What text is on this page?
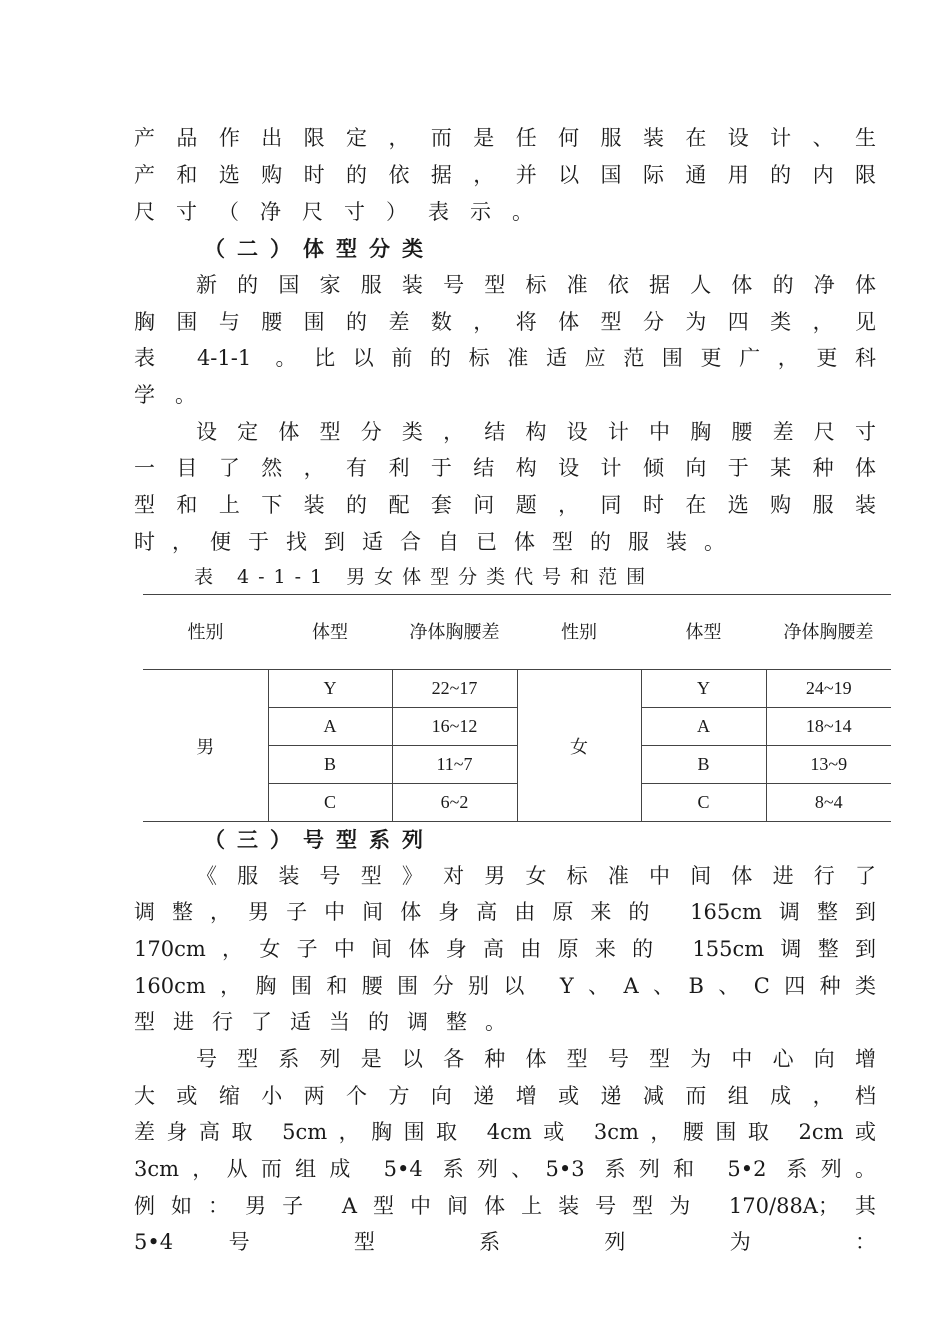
产品作出限定，而是任何服装在设计、生
产和选购时的依据，并以国际通用的内限
尺寸（净尺寸）表示。
（二）体型分类
新的国家服装号型标准依据人体的净体
胸围与腰围的差数，将体型分为四类，见
表 4-1-1 。比以前的标准适应范围更广，更科
学。
设定体型分类，结构设计中胸腰差尺寸
一目了然，有利于结构设计倾向于某种体
型和上下装的配套问题，同时在选购服装
时，便于找到适合自已体型的服装。
表 4-1-1 男女体型分类代号和范围
性别	体型	净体胸腰差	性别	体型	净体胸腰差
男	Y	22~17	女	Y	24~19
	A	16~12		A	18~14
	B	11~7		B	13~9
	C	6~2		C	8~4
（三）号型系列
《服装号型》对男女标准中间体进行了
调整，男子中间体身高由原来的 165cm调整到
170cm，女子中间体身高由原来的 155cm调整到
160cm，胸围和腰围分别以 Y、A、B、C四种类
型进行了适当的调整。
号型系列是以各种体型号型为中心向增
大或缩小两个方向递增或递减而组成，档
差身高取 5cm，胸围取 4cm或 3cm，腰围取 2cm或
3cm，从而组成 5•4 系列、5•3 系列和 5•2 系列。
例如：男子 A型中间体上装号型为 170/88A；其
5•4 号 型 系 列 为 ：
